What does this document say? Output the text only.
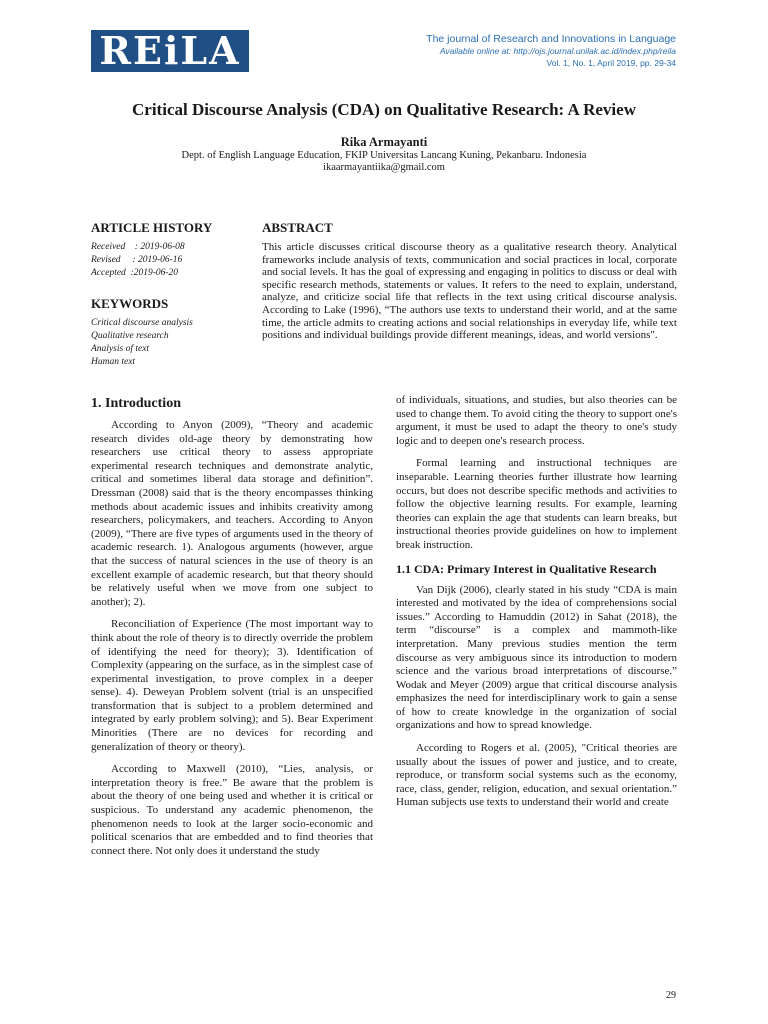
REiLA	The journal of Research and Innovations in Language
Available online at: http://ojs.journal.unilak.ac.id/index.php/reila
Vol. 1, No. 1, April 2019, pp. 29-34
Critical Discourse Analysis (CDA) on Qualitative Research: A Review
Rika Armayanti
Dept. of English Language Education, FKIP Universitas Lancang Kuning, Pekanbaru. Indonesia
ikaarmayantiika@gmail.com
ARTICLE HISTORY
Received    : 2019-06-08
Revised     : 2019-06-16
Accepted  :2019-06-20
KEYWORDS
Critical discourse analysis
Qualitative research
Analysis of text
Human text
ABSTRACT
This article discusses critical discourse theory as a qualitative research theory. Analytical frameworks include analysis of texts, communication and social practices in local, corporate and social levels. It has the goal of expressing and engaging in politics to discuss or deal with specific research methods, statements or values. It refers to the need to explain, understand, analyze, and criticize social life that reflects in the text using critical discourse analysis. According to Lake (1996), “The authors use texts to understand their world, and at the same time, the article admits to creating actions and social relationships in everyday life, while text positions and individual buildings provide different meanings, ideas, and world versions".
1. Introduction

According to Anyon (2009), “Theory and academic research divides old-age theory by demonstrating how researchers use critical theory to assess appropriate experimental research techniques and demonstrate analytic, critical and sometimes liberal data storage and definition”. Dressman (2008) said that is the theory encompasses thinking methods about academic issues and inhibits creativity among researchers, policymakers, and teachers. According to Anyon (2009), “There are five types of arguments used in the theory of academic research. 1). Analogous arguments (however, argue that the success of natural sciences in the use of theory is an excellent example of academic research, but that theory should be relatively useful when we move from one subject to another); 2).

Reconciliation of Experience (The most important way to think about the role of theory is to directly override the problem of identifying the need for theory); 3). Identification of Complexity (appearing on the surface, as in the simplest case of experimental investigation, to prove complex in a deeper sense). 4). Deweyan Problem solvent (trial is an unspecified transformation that is subject to a problem determined and integrated by early problem solving); and 5). Bear Experiment Minorities (There are no devices for recording and generalization of theory or theory).

According to Maxwell (2010), “Lies, analysis, or interpretation theory is free.” Be aware that the problem is about the theory of one being used and whether it is critical or suspicious. To understand any academic phenomenon, the phenomenon needs to look at the larger socio-economic and political scenarios that are embedded and to find theories that connect there. Not only does it understand the study

of individuals, situations, and studies, but also theories can be used to change them. To avoid citing the theory to support one's argument, it must be used to adapt the theory to one's study logic and to deepen one's research process.

Formal learning and instructional techniques are inseparable. Learning theories further illustrate how learning occurs, but does not describe specific methods and activities to follow the objective learning results. For example, learning theories can explain the age that students can learn breaks, but instructional theories provide guidelines on how to implement break instruction.

1.1 CDA: Primary Interest in Qualitative Research

Van Dijk (2006), clearly stated in his study “CDA is main interested and motivated by the idea of comprehensions social issues.” According to Hamuddin (2012) in Sahat (2018), the term “discourse” is a complex and mammoth-like interpretation. Many previous studies mention the term discourse as very ambiguous since its introduction to modern science and the various broad interpretations of discourse.” Wodak and Meyer (2009) argue that critical discourse analysis emphasizes the need for interdisciplinary work to gain a sense of how to create knowledge in the organization of social organizations and how to spread knowledge.

According to Rogers et al. (2005), "Critical theories are usually about the issues of power and justice, and to create, reproduce, or transform social systems such as the economy, race, class, gender, religion, education, and sexual orientation.” Human subjects use texts to understand their world and create

29
